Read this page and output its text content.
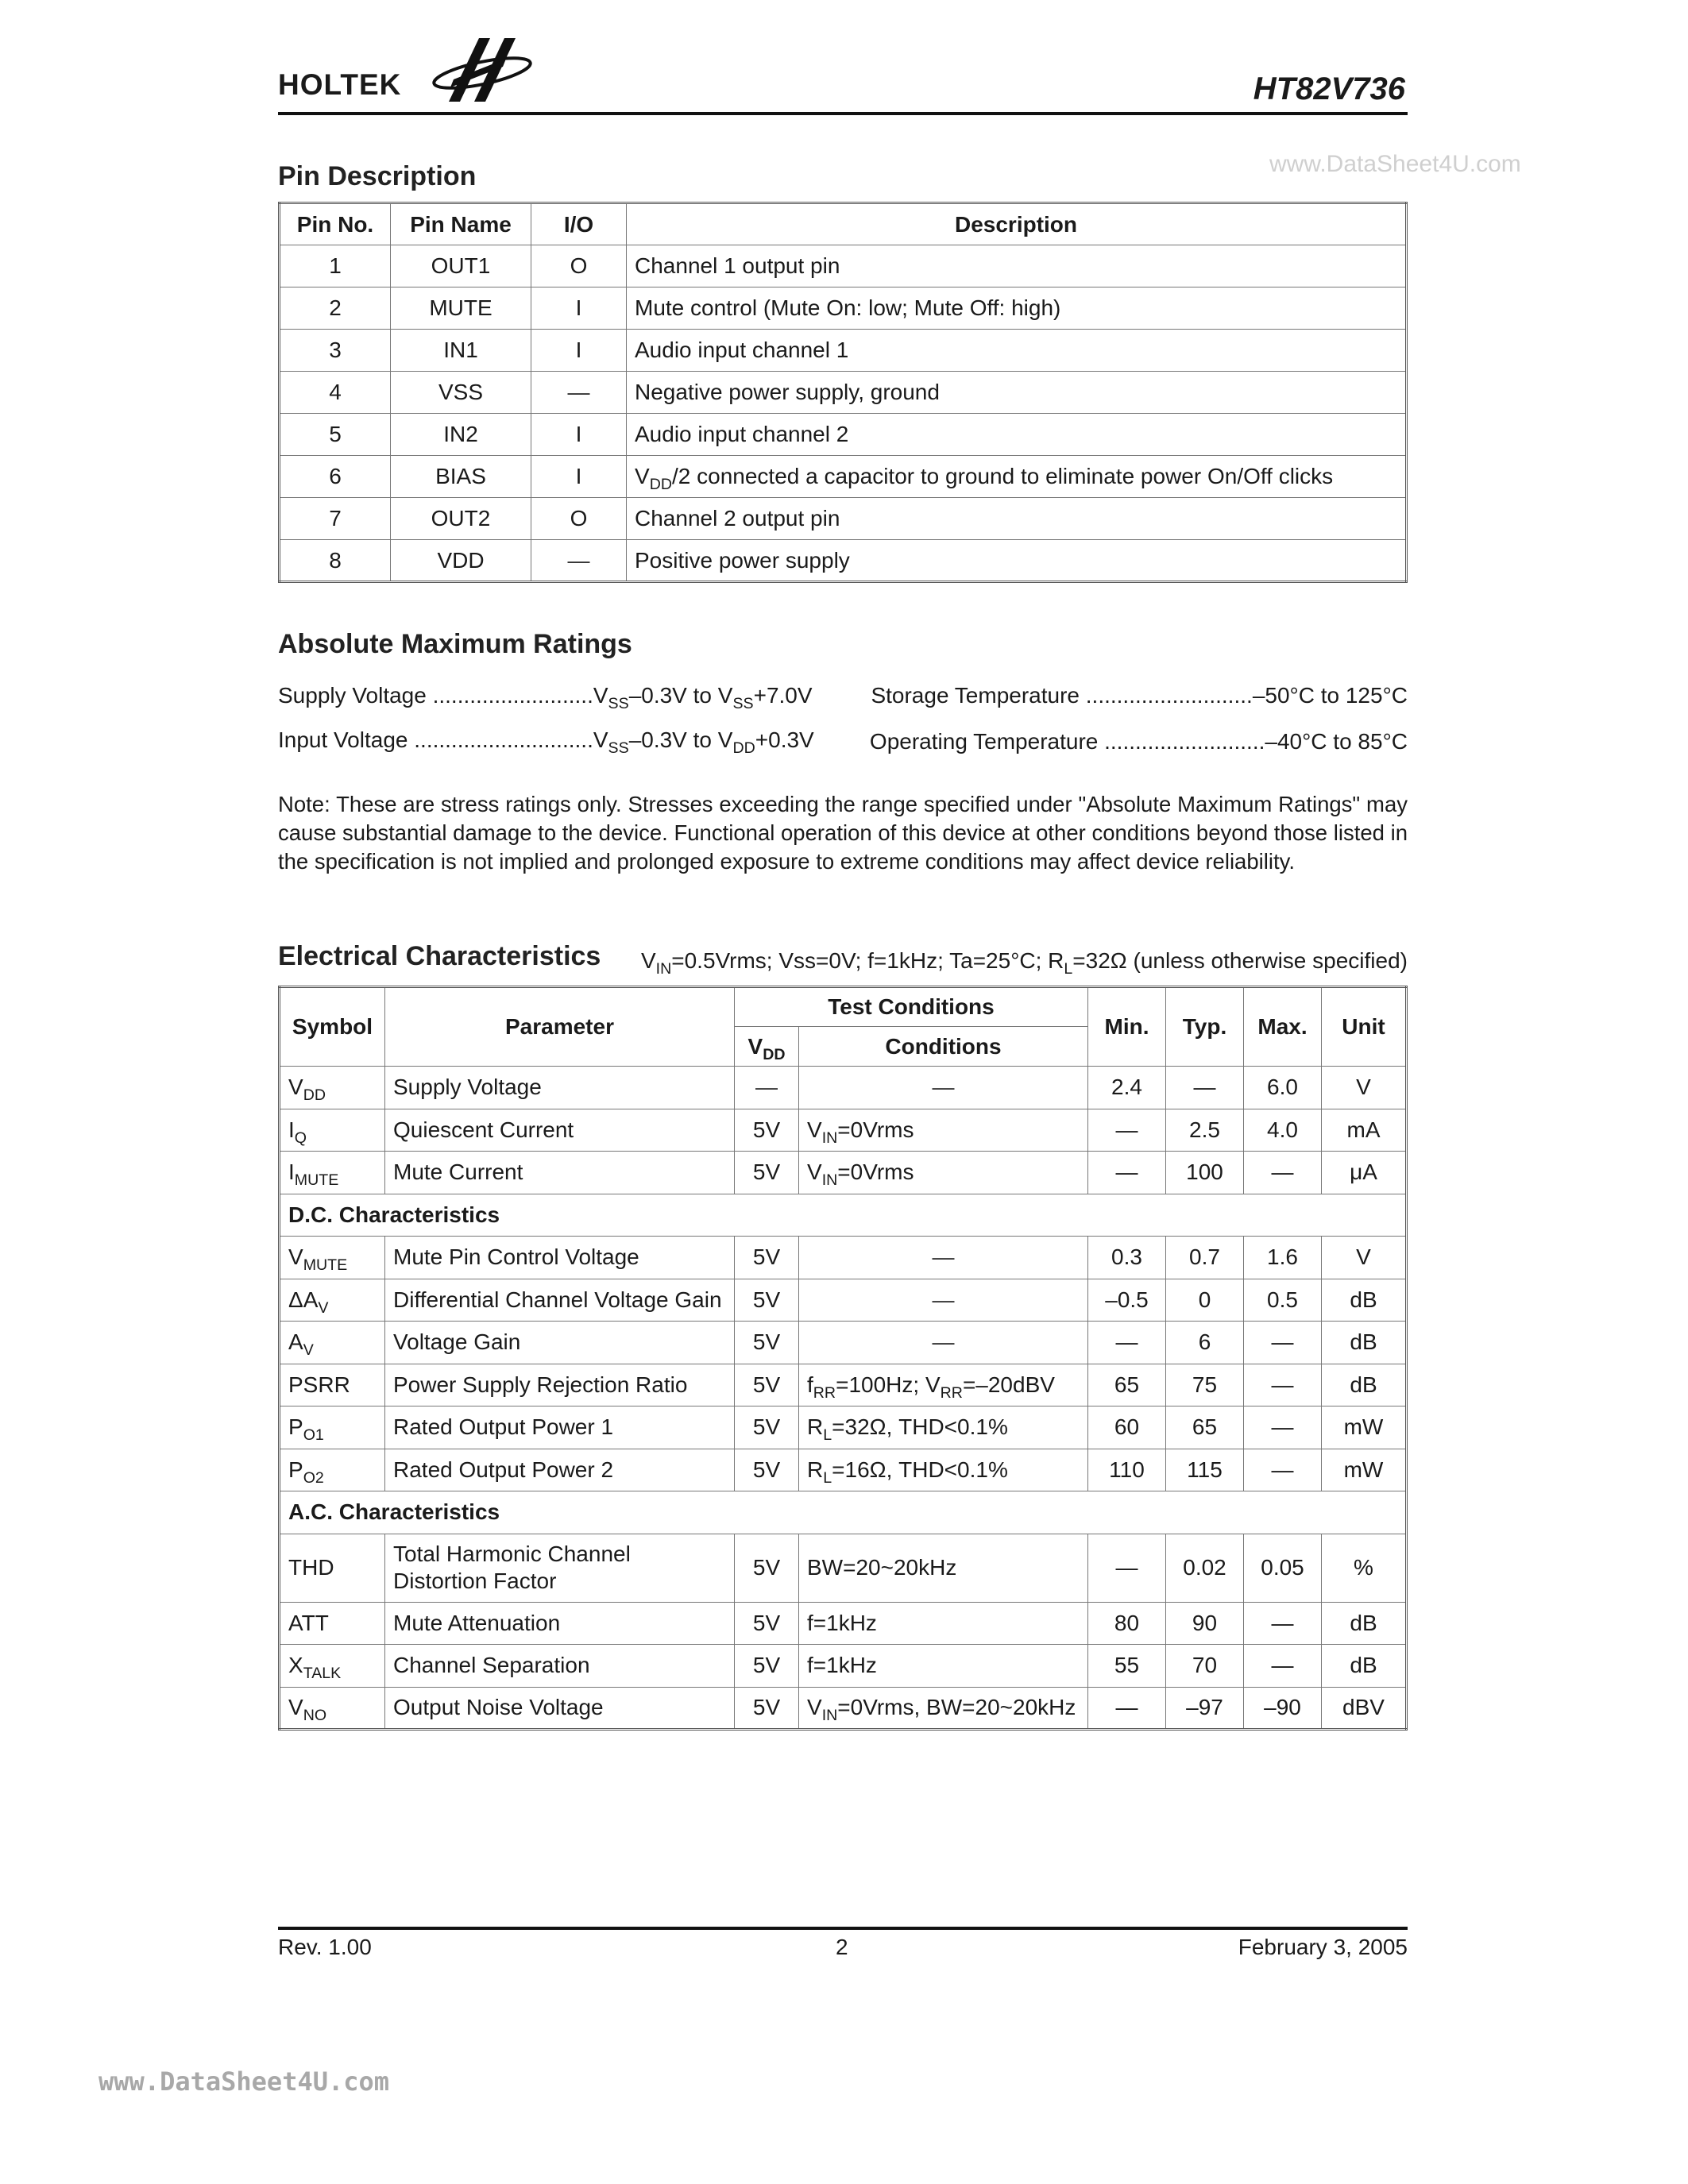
HOLTEK	HT82V736
www.DataSheet4U.com
Pin Description
Pin No.	Pin Name	I/O	Description
1	OUT1	O	Channel 1 output pin
2	MUTE	I	Mute control (Mute On: low; Mute Off: high)
3	IN1	I	Audio input channel 1
4	VSS	—	Negative power supply, ground
5	IN2	I	Audio input channel 2
6	BIAS	I	$V_{DD}/2$ connected a capacitor to ground to eliminate power On/Off clicks
7	OUT2	O	Channel 2 output pin
8	VDD	—	Positive power supply
Absolute Maximum Ratings
Supply Voltage $..........................V_{SS}-0.3V$ to $V_{SS}+7.0V$
Input Voltage $.............................V_{SS}-0.3V$ to $V_{DD}+0.3V$
Storage Temperature ...........................–50°C to 125°C
Operating Temperature ..........................–40°C to 85°C
Note: These are stress ratings only. Stresses exceeding the range specified under "Absolute Maximum Ratings" may cause substantial damage to the device. Functional operation of this device at other conditions beyond those listed in the specification is not implied and prolonged exposure to extreme conditions may affect device reliability.
Electrical Characteristics $V_{IN}=0.5Vrms$; Vss=0V; f=1kHz; Ta=25°C; $R_L=32\Omega$ (unless otherwise specified)
Symbol	Parameter	Test Conditions		Min.	Typ.	Max.	Unit
		$V_{DD}$	Conditions				
$V_{DD}$	Supply Voltage	—	—	2.4	—	6.0	V
$I_Q$	Quiescent Current	5V	$V_{IN}=0Vrms$	—	2.5	4.0	mA
$I_{MUTE}$	Mute Current	5V	$V_{IN}=0Vrms$	—	100	—	μA
D.C. Characteristics							
$V_{MUTE}$	Mute Pin Control Voltage	5V	—	0.3	0.7	1.6	V
$\Delta A_V$	Differential Channel Voltage Gain	5V	—	–0.5	0	0.5	dB
$A_V$	Voltage Gain	5V	—	—	6	—	dB
PSRR	Power Supply Rejection Ratio	5V	$f_{RR}=100Hz$; $V_{RR}=-20dBV$	65	75	—	dB
$P_{O1}$	Rated Output Power 1	5V	$R_L=32\Omega$, THD<0.1%	60	65	—	mW
$P_{O2}$	Rated Output Power 2	5V	$R_L=16\Omega$, THD<0.1%	110	115	—	mW
A.C. Characteristics							
THD	Total Harmonic Channel
Distortion Factor	5V	BW=20~20kHz	—	0.02	0.05	%
ATT	Mute Attenuation	5V	f=1kHz	80	90	—	dB
$X_{TALK}$	Channel Separation	5V	f=1kHz	55	70	—	dB
$V_{NO}$	Output Noise Voltage	5V	$V_{IN}=0Vrms$, BW=20~20kHz	—	–97	–90	dBV
Rev. 1.00	2	February 3, 2005
www.DataSheet4U.com
